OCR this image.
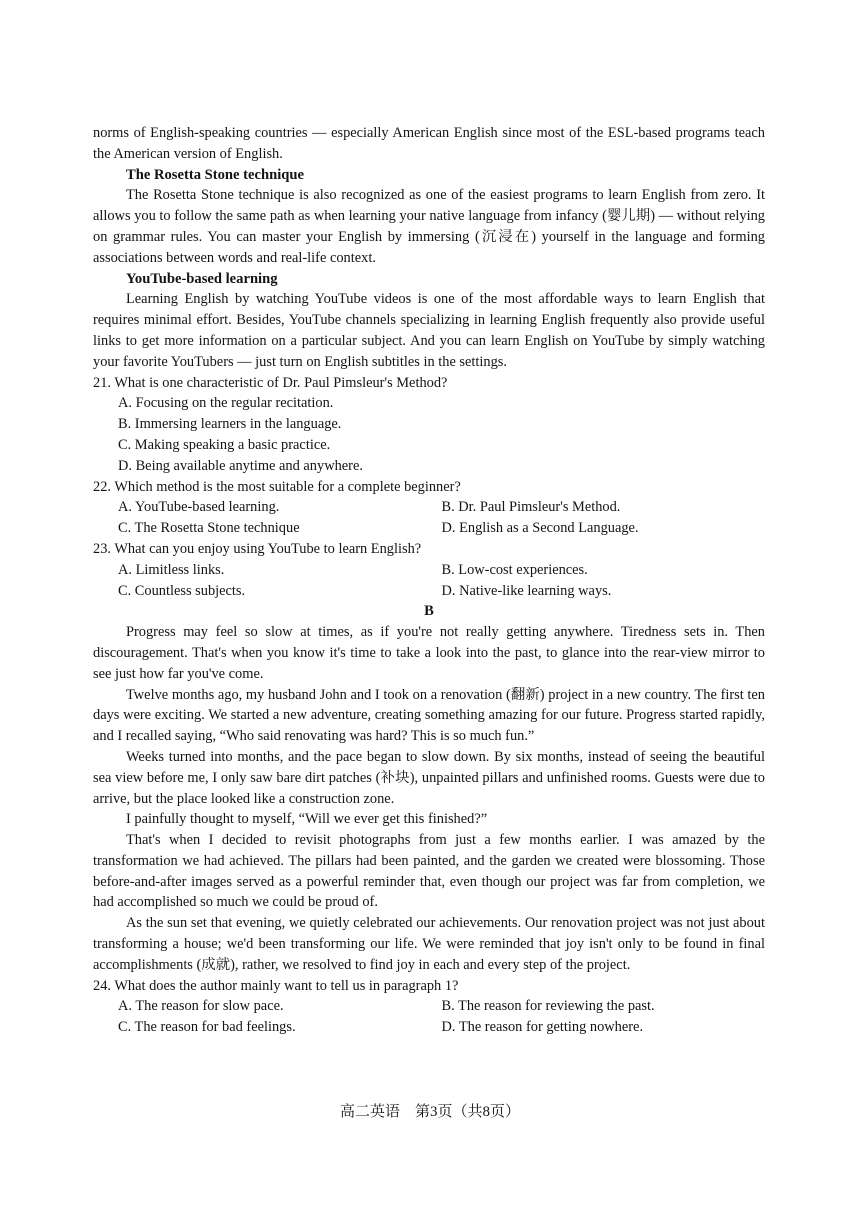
norms of English-speaking countries — especially American English since most of the ESL-based programs teach the American version of English.

The Rosetta Stone technique

The Rosetta Stone technique is also recognized as one of the easiest programs to learn English from zero. It allows you to follow the same path as when learning your native language from infancy (婴儿期) — without relying on grammar rules. You can master your English by immersing (沉浸在) yourself in the language and forming associations between words and real-life context.

YouTube-based learning

Learning English by watching YouTube videos is one of the most affordable ways to learn English that requires minimal effort. Besides, YouTube channels specializing in learning English frequently also provide useful links to get more information on a particular subject. And you can learn English on YouTube by simply watching your favorite YouTubers — just turn on English subtitles in the settings.

21. What is one characteristic of Dr. Paul Pimsleur's Method?

A. Focusing on the regular recitation.

B. Immersing learners in the language.

C. Making speaking a basic practice.

D. Being available anytime and anywhere.

22. Which method is the most suitable for a complete beginner?

A. YouTube-based learning.	B. Dr. Paul Pimsleur's Method.
C. The Rosetta Stone technique	D. English as a Second Language.

23. What can you enjoy using YouTube to learn English?

A. Limitless links.	B. Low-cost experiences.
C. Countless subjects.	D. Native-like learning ways.

B

Progress may feel so slow at times, as if you're not really getting anywhere. Tiredness sets in. Then discouragement. That's when you know it's time to take a look into the past, to glance into the rear-view mirror to see just how far you've come.

Twelve months ago, my husband John and I took on a renovation (翻新) project in a new country. The first ten days were exciting. We started a new adventure, creating something amazing for our future. Progress started rapidly, and I recalled saying, “Who said renovating was hard? This is so much fun.”

Weeks turned into months, and the pace began to slow down. By six months, instead of seeing the beautiful sea view before me, I only saw bare dirt patches (补块), unpainted pillars and unfinished rooms. Guests were due to arrive, but the place looked like a construction zone.

I painfully thought to myself, “Will we ever get this finished?”

That's when I decided to revisit photographs from just a few months earlier. I was amazed by the transformation we had achieved. The pillars had been painted, and the garden we created were blossoming. Those before-and-after images served as a powerful reminder that, even though our project was far from completion, we had accomplished so much we could be proud of.

As the sun set that evening, we quietly celebrated our achievements. Our renovation project was not just about transforming a house; we'd been transforming our life. We were reminded that joy isn't only to be found in final accomplishments (成就), rather, we resolved to find joy in each and every step of the project.

24. What does the author mainly want to tell us in paragraph 1?

A. The reason for slow pace.	B. The reason for reviewing the past.
C. The reason for bad feelings.	D. The reason for getting nowhere.
高二英语　第3页（共8页）
